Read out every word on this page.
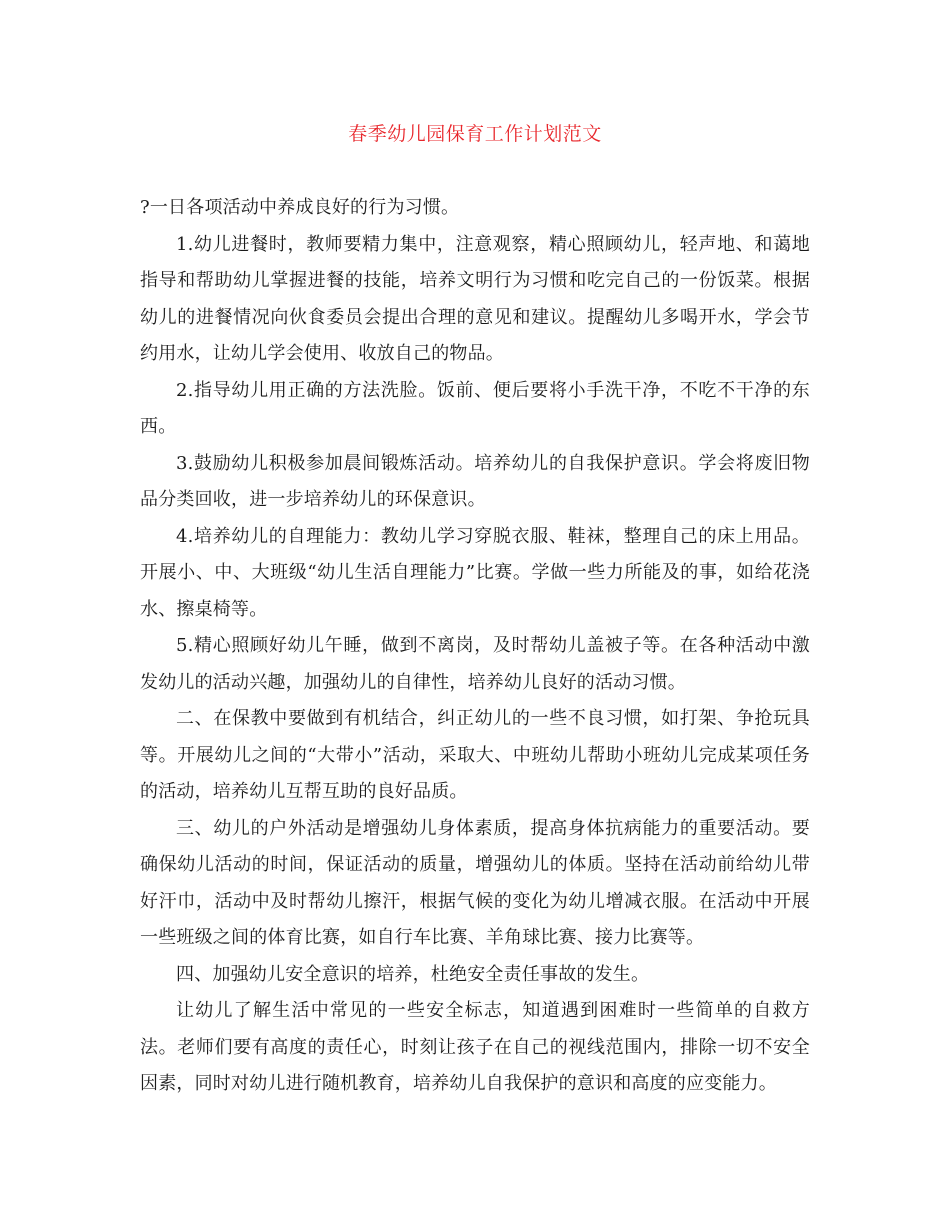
春季幼儿园保育工作计划范文

?一日各项活动中养成良好的行为习惯。

1.幼儿进餐时，教师要精力集中，注意观察，精心照顾幼儿，轻声地、和蔼地指导和帮助幼儿掌握进餐的技能，培养文明行为习惯和吃完自己的一份饭菜。根据幼儿的进餐情况向伙食委员会提出合理的意见和建议。提醒幼儿多喝开水，学会节约用水，让幼儿学会使用、收放自己的物品。

2.指导幼儿用正确的方法洗脸。饭前、便后要将小手洗干净，不吃不干净的东西。

3.鼓励幼儿积极参加晨间锻炼活动。培养幼儿的自我保护意识。学会将废旧物品分类回收，进一步培养幼儿的环保意识。

4.培养幼儿的自理能力：教幼儿学习穿脱衣服、鞋袜，整理自己的床上用品。开展小、中、大班级“幼儿生活自理能力”比赛。学做一些力所能及的事，如给花浇水、擦桌椅等。

5.精心照顾好幼儿午睡，做到不离岗，及时帮幼儿盖被子等。在各种活动中激发幼儿的活动兴趣，加强幼儿的自律性，培养幼儿良好的活动习惯。

二、在保教中要做到有机结合，纠正幼儿的一些不良习惯，如打架、争抢玩具等。开展幼儿之间的“大带小”活动，采取大、中班幼儿帮助小班幼儿完成某项任务的活动，培养幼儿互帮互助的良好品质。

三、幼儿的户外活动是增强幼儿身体素质，提高身体抗病能力的重要活动。要确保幼儿活动的时间，保证活动的质量，增强幼儿的体质。坚持在活动前给幼儿带好汗巾，活动中及时帮幼儿擦汗，根据气候的变化为幼儿增减衣服。在活动中开展一些班级之间的体育比赛，如自行车比赛、羊角球比赛、接力比赛等。

四、加强幼儿安全意识的培养，杜绝安全责任事故的发生。

让幼儿了解生活中常见的一些安全标志，知道遇到困难时一些简单的自救方法。老师们要有高度的责任心，时刻让孩子在自己的视线范围内，排除一切不安全因素，同时对幼儿进行随机教育，培养幼儿自我保护的意识和高度的应变能力。
